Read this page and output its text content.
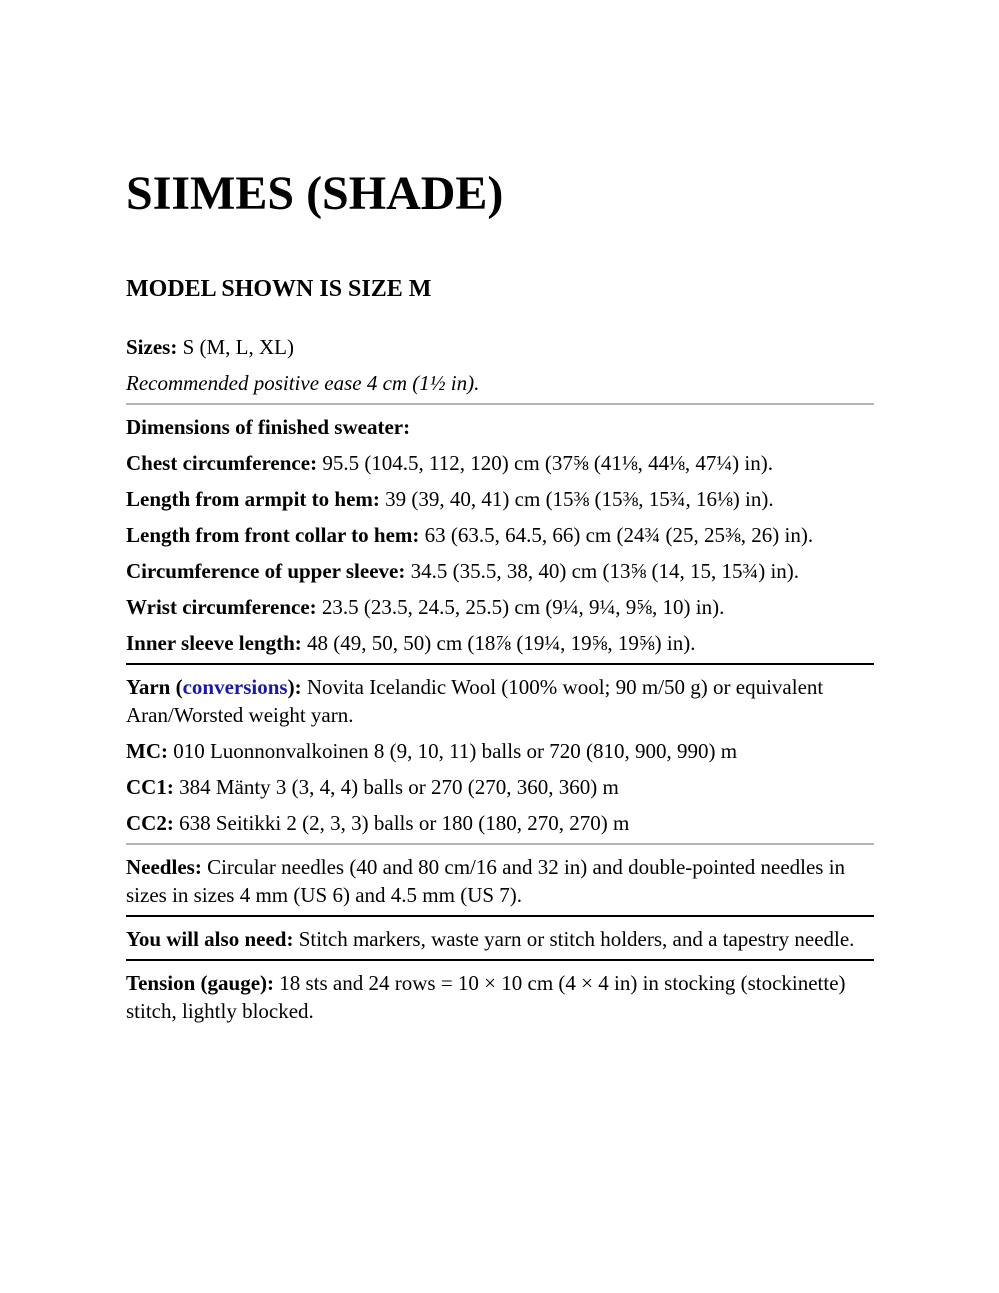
SIIMES (SHADE)
MODEL SHOWN IS SIZE M

Sizes: S (M, L, XL)

Recommended positive ease 4 cm (1½ in).

Dimensions of finished sweater:

Chest circumference: 95.5 (104.5, 112, 120) cm (37⅝ (41⅛, 44⅛, 47¼) in).

Length from armpit to hem: 39 (39, 40, 41) cm (15⅜ (15⅜, 15¾, 16⅛) in).

Length from front collar to hem: 63 (63.5, 64.5, 66) cm (24¾ (25, 25⅜, 26) in).

Circumference of upper sleeve: 34.5 (35.5, 38, 40) cm (13⅝ (14, 15, 15¾) in).

Wrist circumference: 23.5 (23.5, 24.5, 25.5) cm (9¼, 9¼, 9⅝, 10) in).

Inner sleeve length: 48 (49, 50, 50) cm (18⅞ (19¼, 19⅝, 19⅝) in).

Yarn (conversions): Novita Icelandic Wool (100% wool; 90 m/50 g) or equivalent Aran/Worsted weight yarn.

MC: 010 Luonnonvalkoinen 8 (9, 10, 11) balls or 720 (810, 900, 990) m

CC1: 384 Mänty 3 (3, 4, 4) balls or 270 (270, 360, 360) m

CC2: 638 Seitikki 2 (2, 3, 3) balls or 180 (180, 270, 270) m

Needles: Circular needles (40 and 80 cm/16 and 32 in) and double-pointed needles in sizes in sizes 4 mm (US 6) and 4.5 mm (US 7).

You will also need: Stitch markers, waste yarn or stitch holders, and a tapestry needle.

Tension (gauge): 18 sts and 24 rows = 10 × 10 cm (4 × 4 in) in stocking (stockinette) stitch, lightly blocked.
